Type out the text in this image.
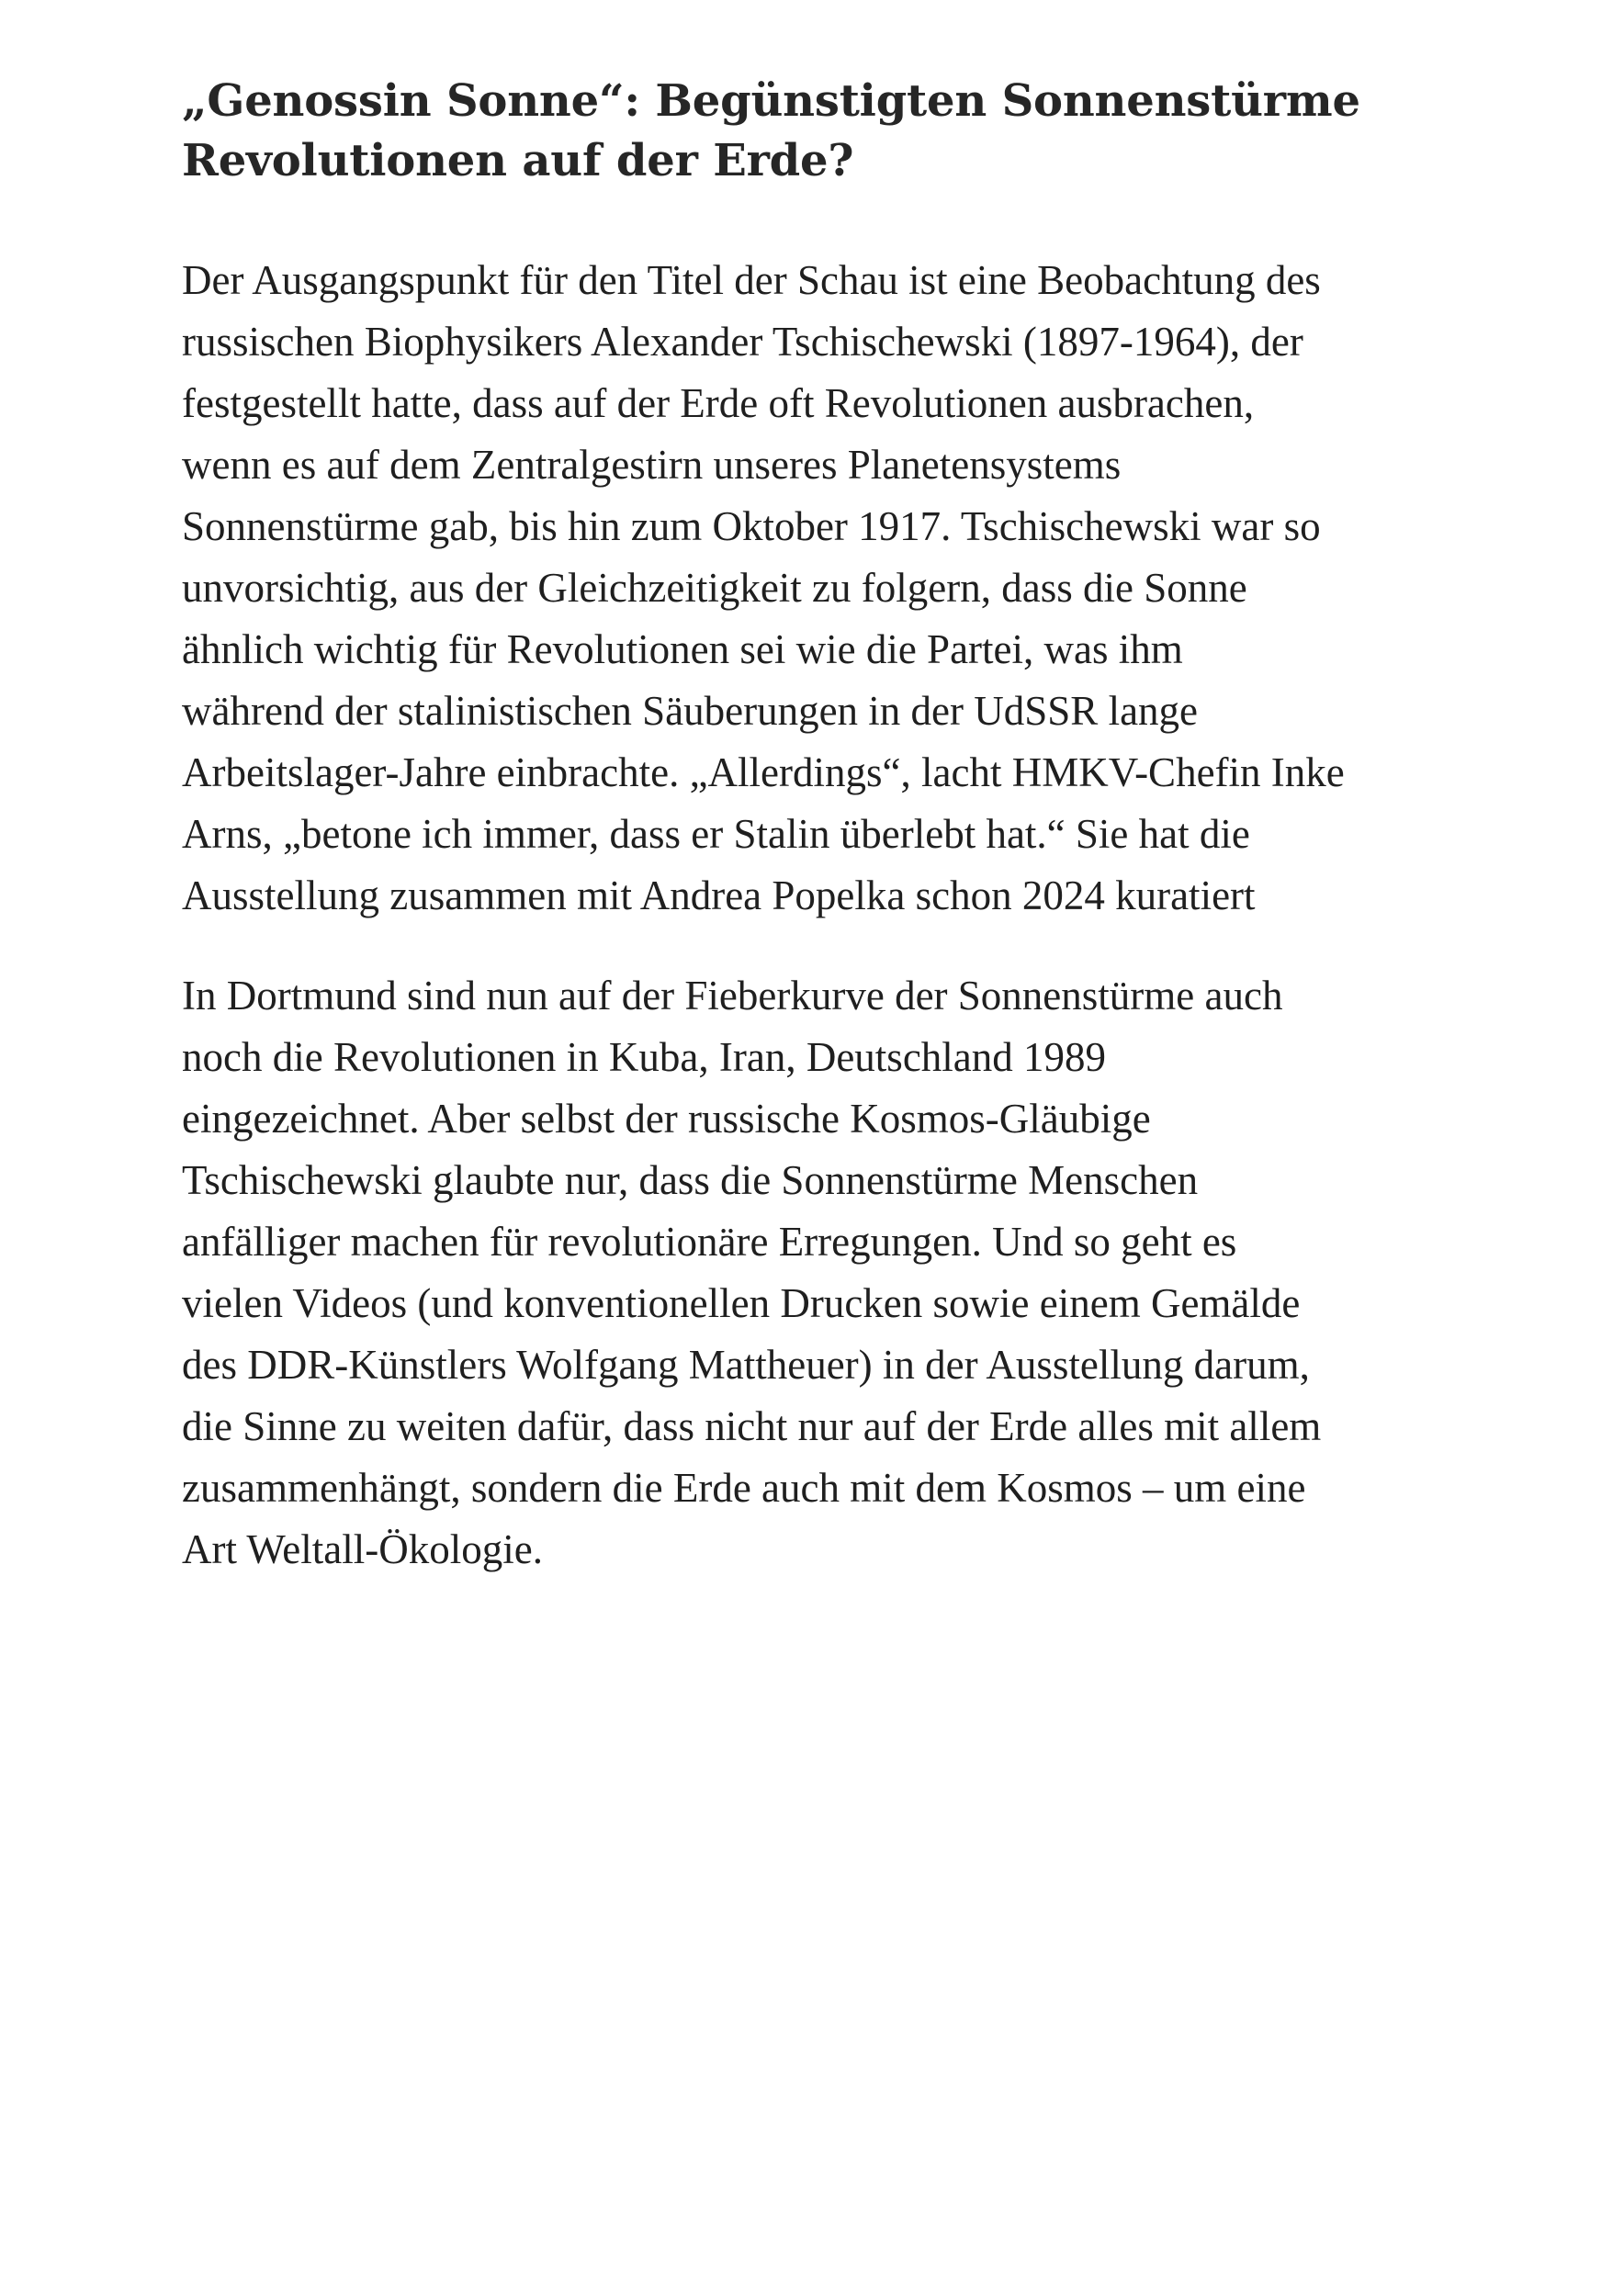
„Genossin Sonne“: Begünstigten Sonnenstürme
Revolutionen auf der Erde?

Der Ausgangspunkt für den Titel der Schau ist eine Beobachtung des
russischen Biophysikers Alexander Tschischewski (1897-1964), der
festgestellt hatte, dass auf der Erde oft Revolutionen ausbrachen,
wenn es auf dem Zentralgestirn unseres Planetensystems
Sonnenstürme gab, bis hin zum Oktober 1917. Tschischewski war so
unvorsichtig, aus der Gleichzeitigkeit zu folgern, dass die Sonne
ähnlich wichtig für Revolutionen sei wie die Partei, was ihm
während der stalinistischen Säuberungen in der UdSSR lange
Arbeitslager-Jahre einbrachte. „Allerdings“, lacht HMKV-Chefin Inke
Arns, „betone ich immer, dass er Stalin überlebt hat.“ Sie hat die
Ausstellung zusammen mit Andrea Popelka schon 2024 kuratiert

In Dortmund sind nun auf der Fieberkurve der Sonnenstürme auch
noch die Revolutionen in Kuba, Iran, Deutschland 1989
eingezeichnet. Aber selbst der russische Kosmos-Gläubige
Tschischewski glaubte nur, dass die Sonnenstürme Menschen
anfälliger machen für revolutionäre Erregungen. Und so geht es
vielen Videos (und konventionellen Drucken sowie einem Gemälde
des DDR-Künstlers Wolfgang Mattheuer) in der Ausstellung darum,
die Sinne zu weiten dafür, dass nicht nur auf der Erde alles mit allem
zusammenhängt, sondern die Erde auch mit dem Kosmos – um eine
Art Weltall-Ökologie.
